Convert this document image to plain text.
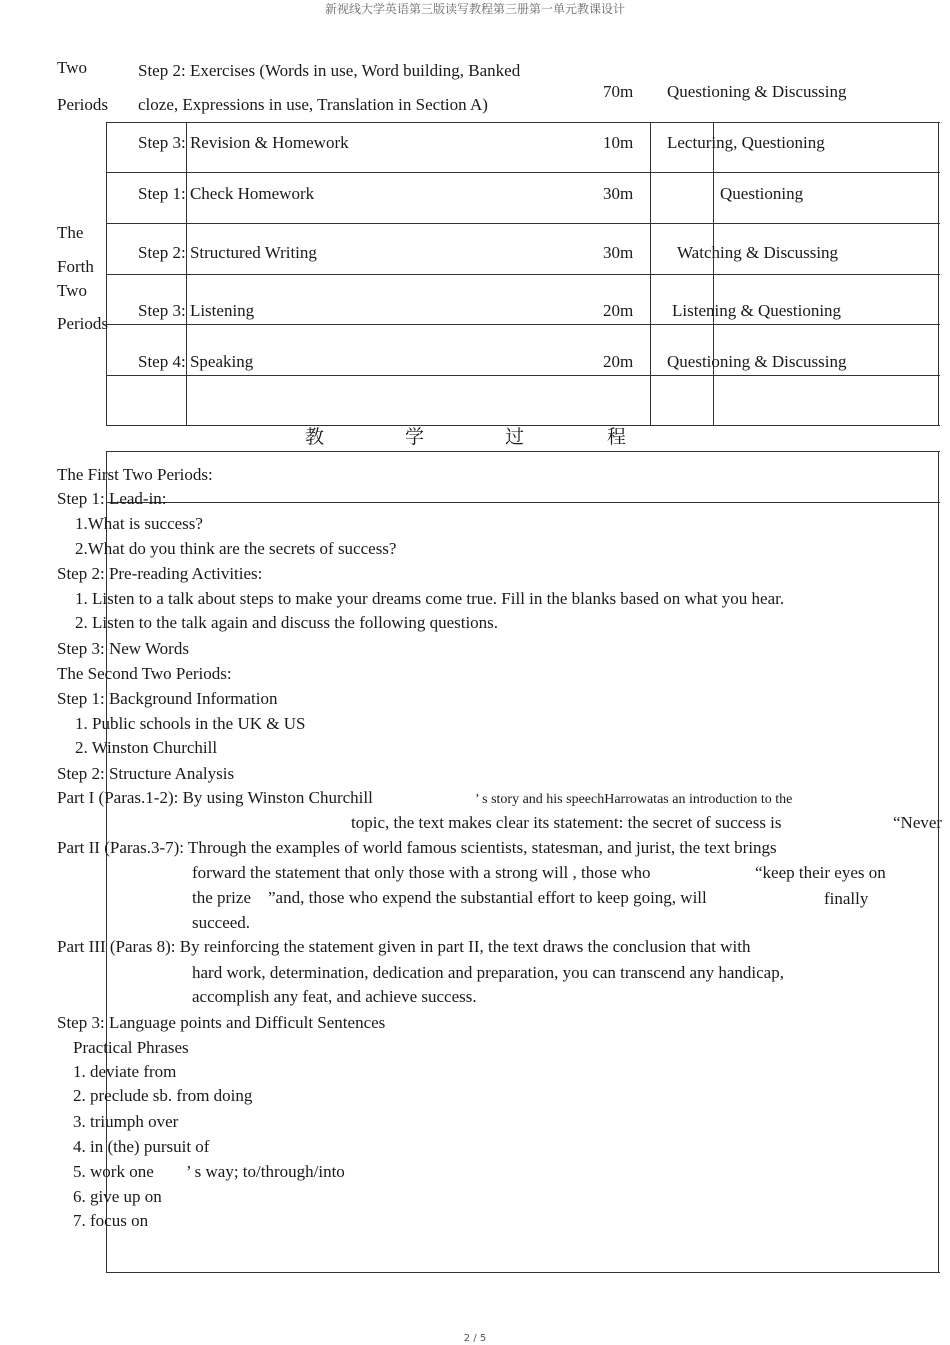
新视线大学英语第三版读写教程第三册第一单元教课设计
Two
Periods
Step 2: Exercises (Words in use, Word building, Banked
cloze, Expressions in use, Translation in Section A)
70m Questioning & Discussing
Step 3: Revision & Homework	10m Lecturing, Questioning
Step 1: Check Homework	30m	Questioning
Step 2: Structured Writing	30m	Watching & Discussing
Step 3: Listening	20m Listening & Questioning
Step 4: Speaking	20m Questioning & Discussing
The
Forth
Two
Periods
教	学	过	程
The First Two Periods:
Step 1: Lead-in:
1.What is success?
2.What do you think are the secrets of success?
Step 2: Pre-reading Activities:
1. Listen to a talk about steps to make your dreams come true. Fill in the blanks based on what you hear.
2. Listen to the talk again and discuss the following questions.
Step 3: New Words
The Second Two Periods:
Step 1: Background Information
1. Public schools in the UK & US
2. Winston Churchill
Step 2: Structure Analysis
Part I (Paras.1-2): By using Winston Churchill	’ s story and his speechHarrowatas an introduction to the
topic, the text makes clear its statement: the secret of success is	“Never
Part II (Paras.3-7): Through the examples of world famous scientists, statesman, and jurist, the text brings
forward the statement that only those with a strong will , those who	“keep their eyes on
the prize ”and, those who expend the substantial effort to keep going, will	finally
succeed.
Part III (Paras 8): By reinforcing the statement given in part II, the text draws the conclusion that with
hard work, determination, dedication and preparation, you can transcend any handicap,
accomplish any feat, and achieve success.
Step 3: Language points and Difficult Sentences
Practical Phrases
1. deviate from
2. preclude sb. from doing
3. triumph over
4. in (the) pursuit of
5. work one ’ s way; to/through/into
6. give up on
7. focus on
2 / 5
